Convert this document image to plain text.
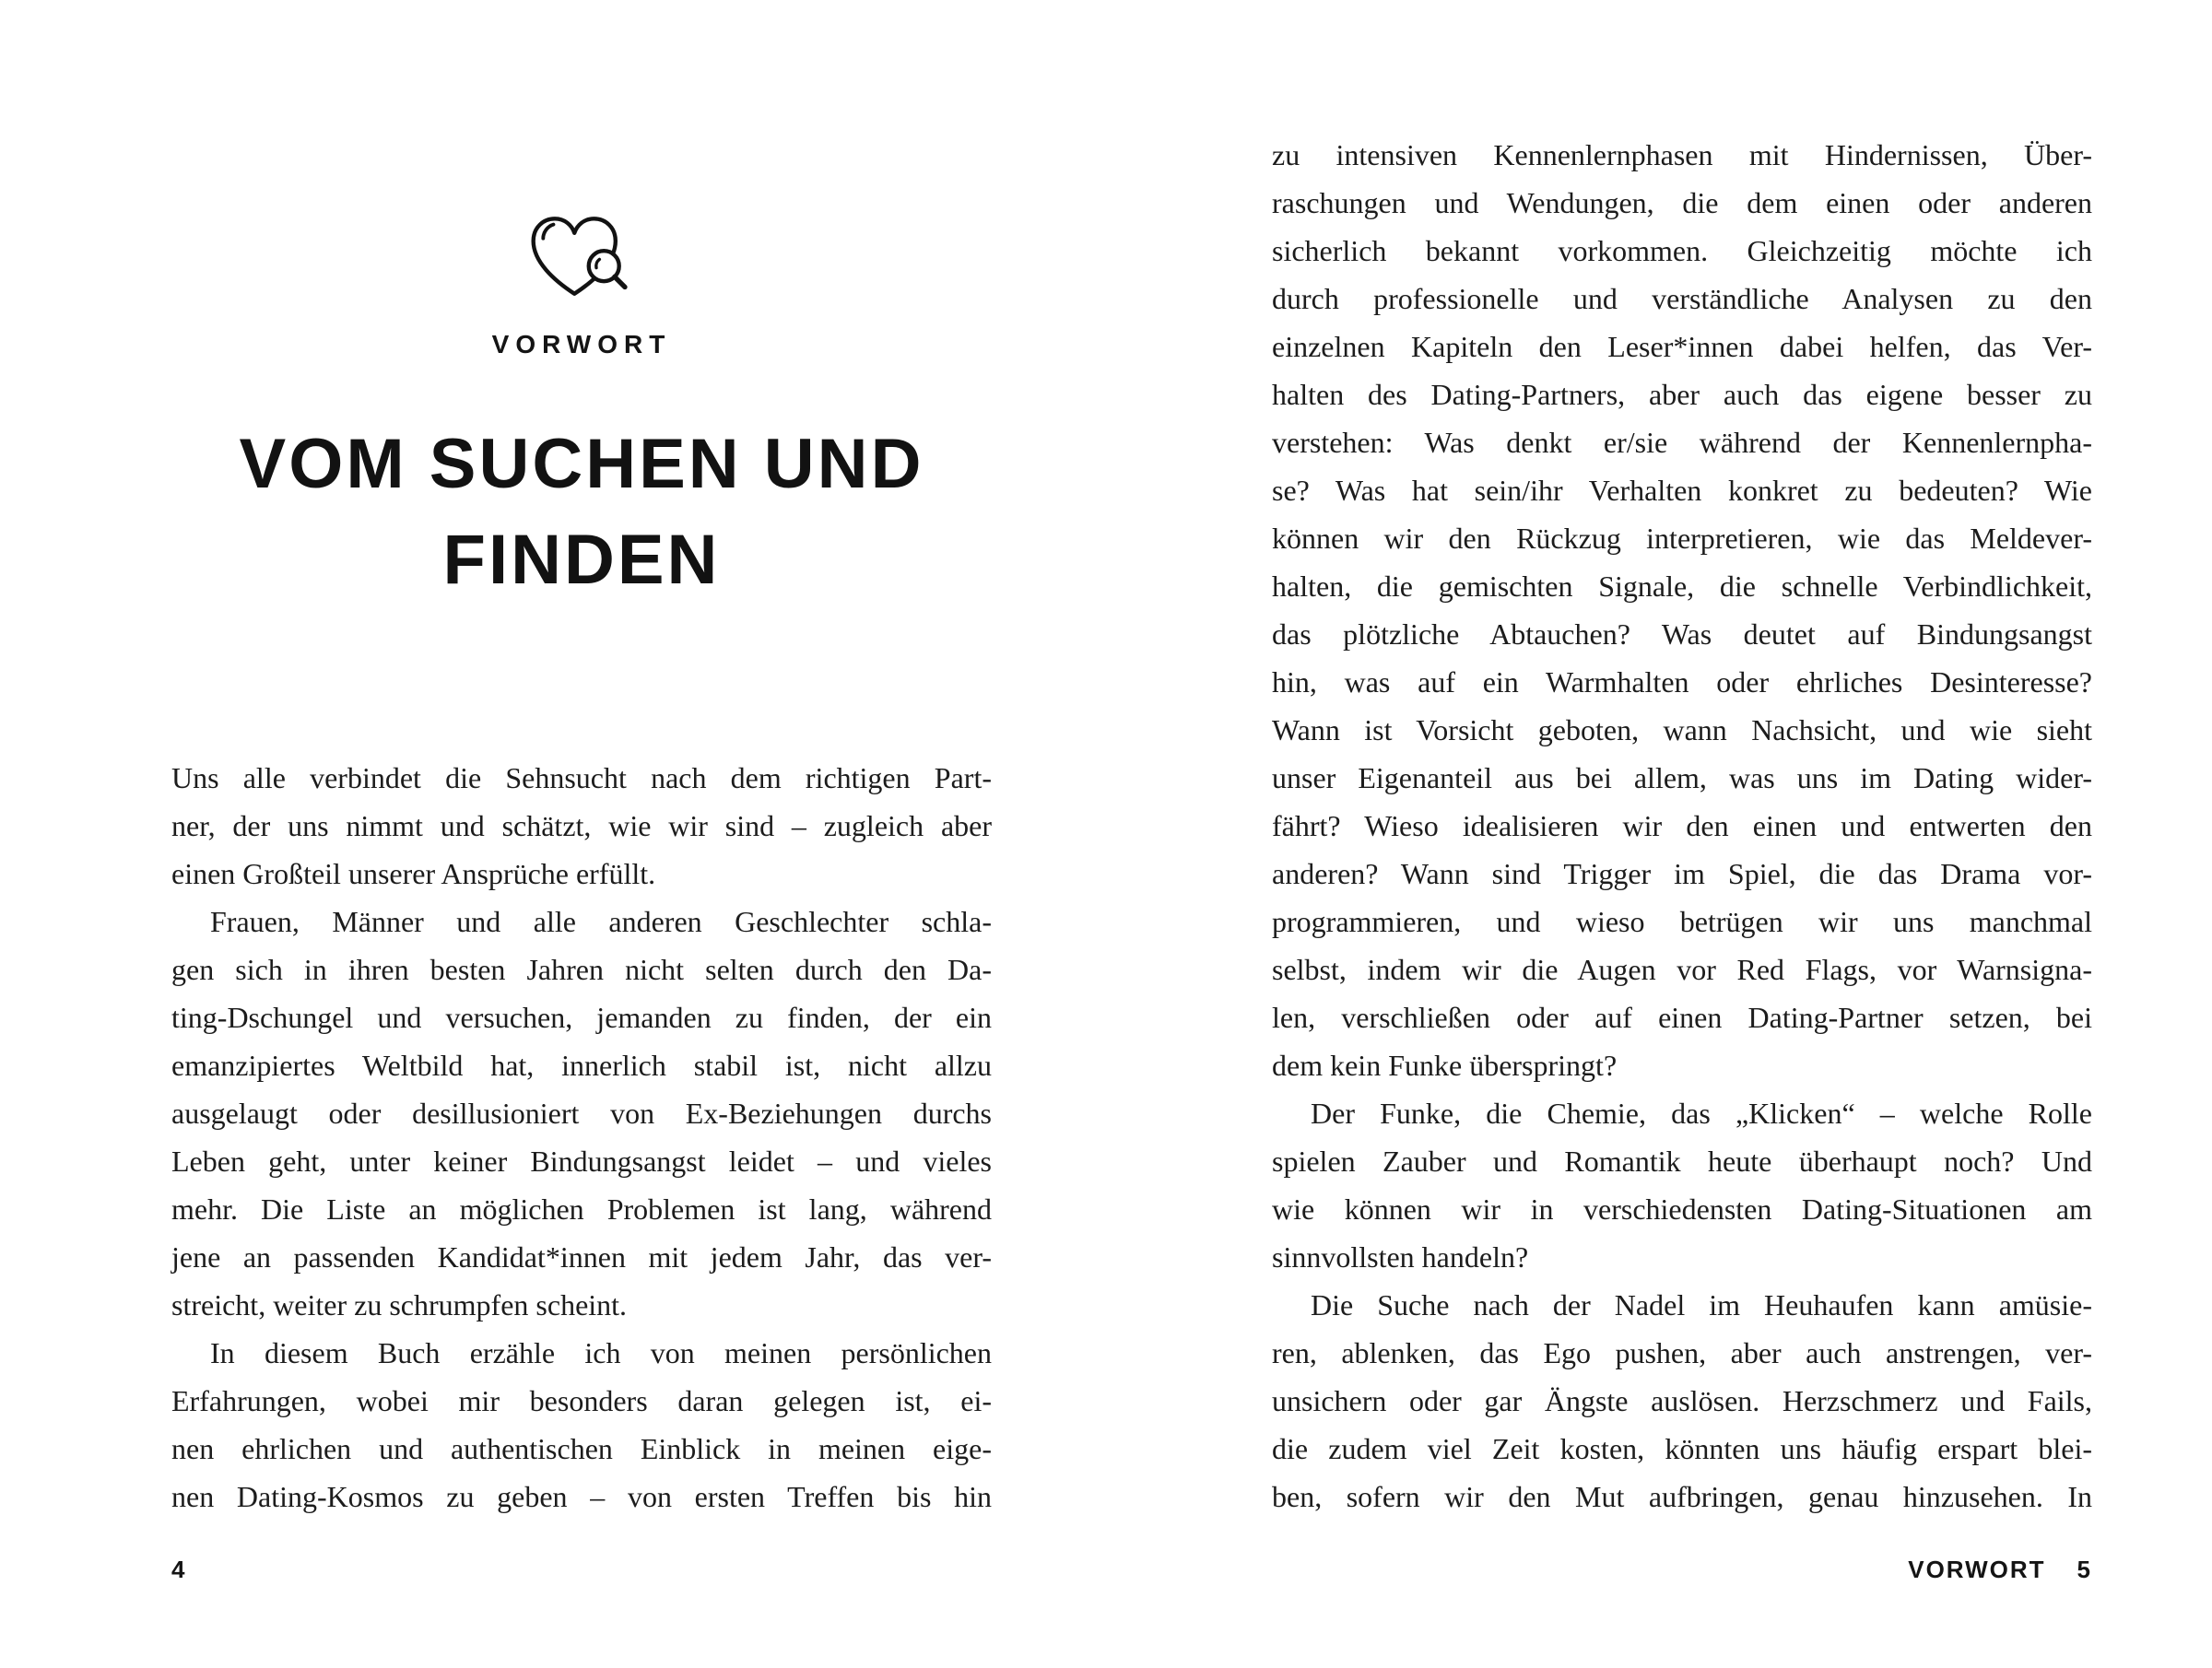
VORWORT
VOM SUCHEN UND
FINDEN
Uns alle verbindet die Sehnsucht nach dem richtigen Part-
ner, der uns nimmt und schätzt, wie wir sind – zugleich aber
einen Großteil unserer Ansprüche erfüllt.
Frauen, Männer und alle anderen Geschlechter schla-
gen sich in ihren besten Jahren nicht selten durch den Da-
ting-Dschungel und versuchen, jemanden zu finden, der ein
emanzipiertes Weltbild hat, innerlich stabil ist, nicht allzu
ausgelaugt oder desillusioniert von Ex-Beziehungen durchs
Leben geht, unter keiner Bindungsangst leidet – und vieles
mehr. Die Liste an möglichen Problemen ist lang, während
jene an passenden Kandidat*innen mit jedem Jahr, das ver-
streicht, weiter zu schrumpfen scheint.
In diesem Buch erzähle ich von meinen persönlichen
Erfahrungen, wobei mir besonders daran gelegen ist, ei-
nen ehrlichen und authentischen Einblick in meinen eige-
nen Dating-Kosmos zu geben – von ersten Treffen bis hin
4
zu intensiven Kennenlernphasen mit Hindernissen, Über-
raschungen und Wendungen, die dem einen oder anderen
sicherlich bekannt vorkommen. Gleichzeitig möchte ich
durch professionelle und verständliche Analysen zu den
einzelnen Kapiteln den Leser*innen dabei helfen, das Ver-
halten des Dating-Partners, aber auch das eigene besser zu
verstehen: Was denkt er/sie während der Kennenlernpha-
se? Was hat sein/ihr Verhalten konkret zu bedeuten? Wie
können wir den Rückzug interpretieren, wie das Meldever-
halten, die gemischten Signale, die schnelle Verbindlichkeit,
das plötzliche Abtauchen? Was deutet auf Bindungsangst
hin, was auf ein Warmhalten oder ehrliches Desinteresse?
Wann ist Vorsicht geboten, wann Nachsicht, und wie sieht
unser Eigenanteil aus bei allem, was uns im Dating wider-
fährt? Wieso idealisieren wir den einen und entwerten den
anderen? Wann sind Trigger im Spiel, die das Drama vor-
programmieren, und wieso betrügen wir uns manchmal
selbst, indem wir die Augen vor Red Flags, vor Warnsigna-
len, verschließen oder auf einen Dating-Partner setzen, bei
dem kein Funke überspringt?
Der Funke, die Chemie, das „Klicken“ – welche Rolle
spielen Zauber und Romantik heute überhaupt noch? Und
wie können wir in verschiedensten Dating-Situationen am
sinnvollsten handeln?
Die Suche nach der Nadel im Heuhaufen kann amüsie-
ren, ablenken, das Ego pushen, aber auch anstrengen, ver-
unsichern oder gar Ängste auslösen. Herzschmerz und Fails,
die zudem viel Zeit kosten, könnten uns häufig erspart blei-
ben, sofern wir den Mut aufbringen, genau hinzusehen. In
VORWORT 5
